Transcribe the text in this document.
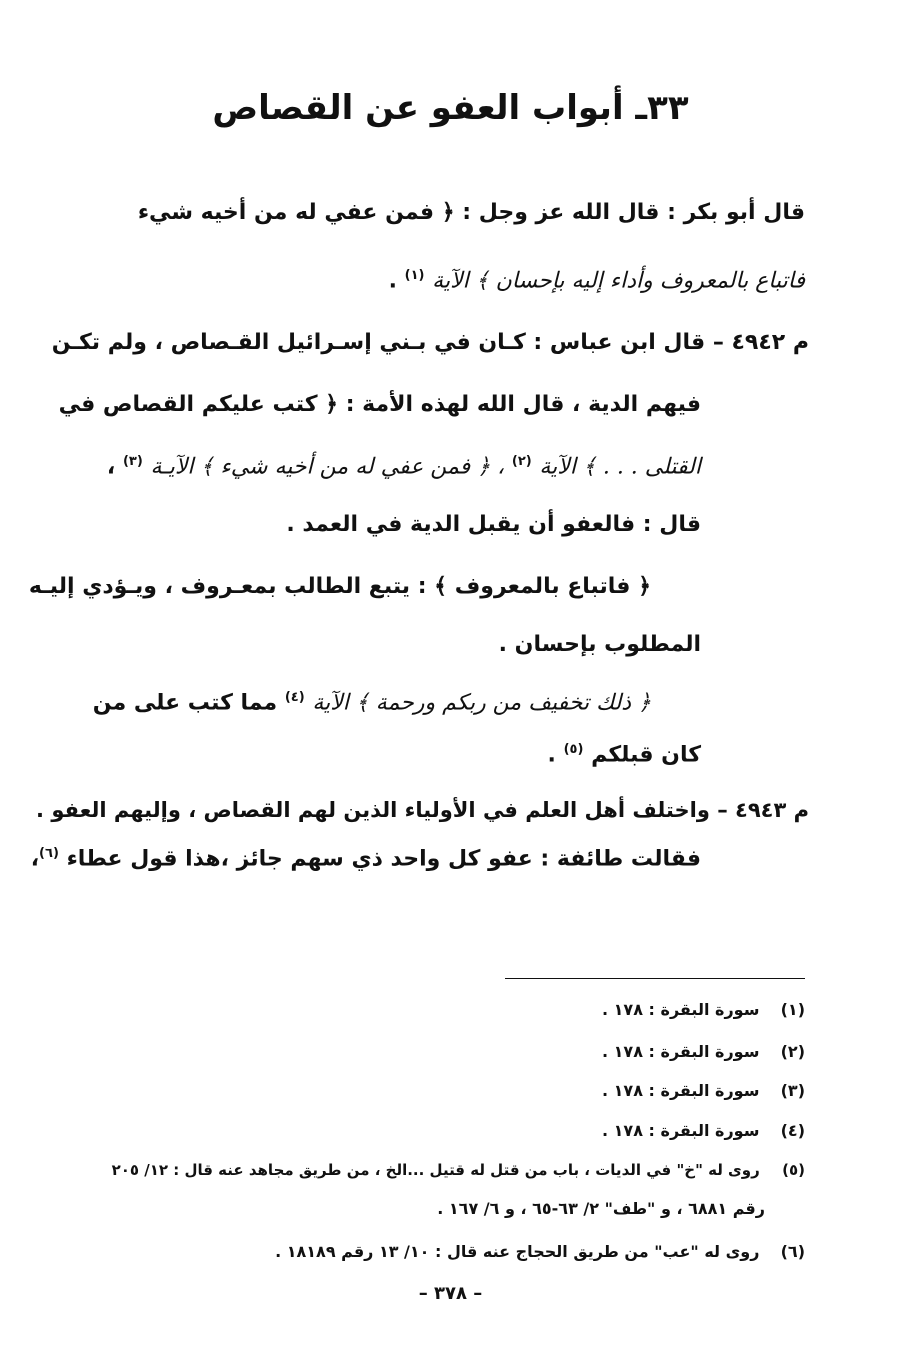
٣٣ـ أبواب العفو عن القصاص
قال أبو بكر : قال الله عز وجل : ﴿ فمن عفي له من أخيه شيء
فاتباع بالمعروف وأداء إليه بإحسان ﴾ الآية $^{(١)}$ .
م ٤٩٤٢ – قال ابن عباس : كـان في بـني إسـرائيل القـصاص ، ولم تكـن
فيهم الدية ، قال الله لهذه الأمة : ﴿ كتب عليكم القصاص في
القتلى . . . ﴾ الآية $^{(٢)}$ ، ﴿ فمن عفي له من أخيه شيء ﴾ الآيـة $^{(٣)}$ ،
قال : فالعفو أن يقبل الدية في العمد .
﴿ فاتباع بالمعروف ﴾ : يتبع الطالب بمعـروف ، ويـؤدي إليـه
المطلوب بإحسان .
﴿ ذلك تخفيف من ربكم ورحمة ﴾ الآية $^{(٤)}$ مما كتب على من
كان قبلكم $^{(٥)}$ .
م ٤٩٤٣ – واختلف أهل العلم في الأولياء الذين لهم القصاص ، وإليهم العفو .
فقالت طائفة : عفو كل واحد ذي سهم جائز ،هذا قول عطاء $^{(٦)}$،
(١) سورة البقرة : ١٧٨ .
(٢) سورة البقرة : ١٧٨ .
(٣) سورة البقرة : ١٧٨ .
(٤) سورة البقرة : ١٧٨ .
(٥) روى له "خ" في الديات ، باب من قتل له قتيل ...الخ ، من طريق مجاهد عنه قال : ١٢/ ٢٠٥
رقم ٦٨٨١ ، و "طف" ٢/ ٦٣-٦٥ ، و ٦/ ١٦٧ .
(٦) روى له "عب" من طريق الحجاج عنه قال : ١٠/ ١٣ رقم ١٨١٨٩ .
– ٣٧٨ –
